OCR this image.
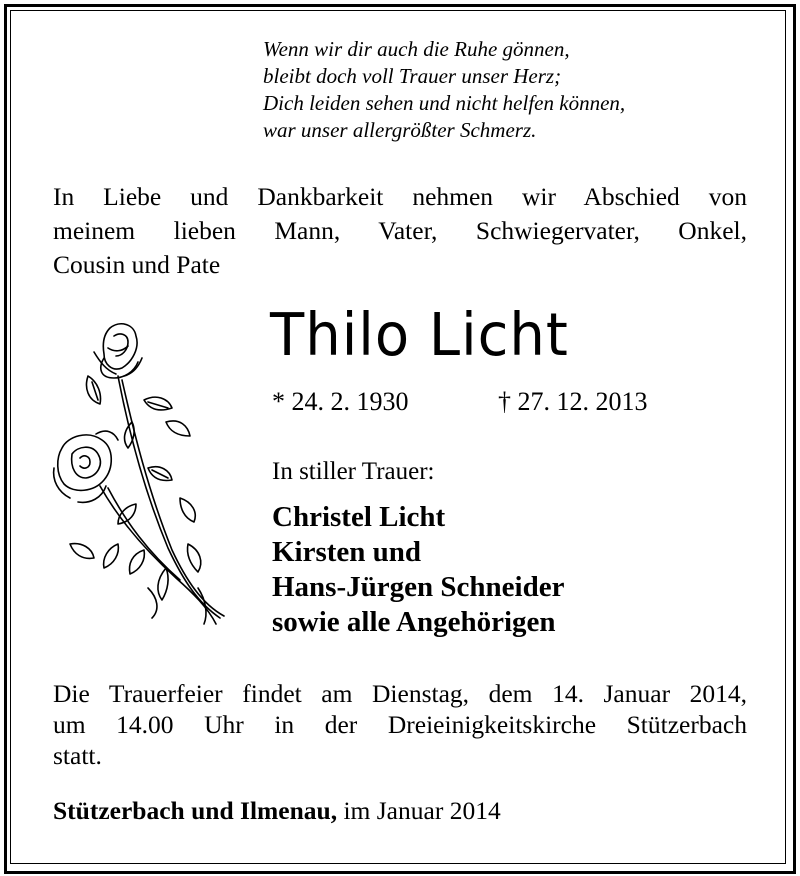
Wenn wir dir auch die Ruhe gönnen,
bleibt doch voll Trauer unser Herz;
Dich leiden sehen und nicht helfen können,
war unser allergrößter Schmerz.
In Liebe und Dankbarkeit nehmen wir Abschied von
meinem lieben Mann, Vater, Schwiegervater, Onkel,
Cousin und Pate
Thilo Licht
* 24. 2. 1930	† 27. 12. 2013
In stiller Trauer:
Christel Licht
Kirsten und
Hans-Jürgen Schneider
sowie alle Angehörigen
Die Trauerfeier findet am Dienstag, dem 14. Januar 2014,
um 14.00 Uhr in der Dreieinigkeitskirche Stützerbach
statt.
Stützerbach und Ilmenau, im Januar 2014
